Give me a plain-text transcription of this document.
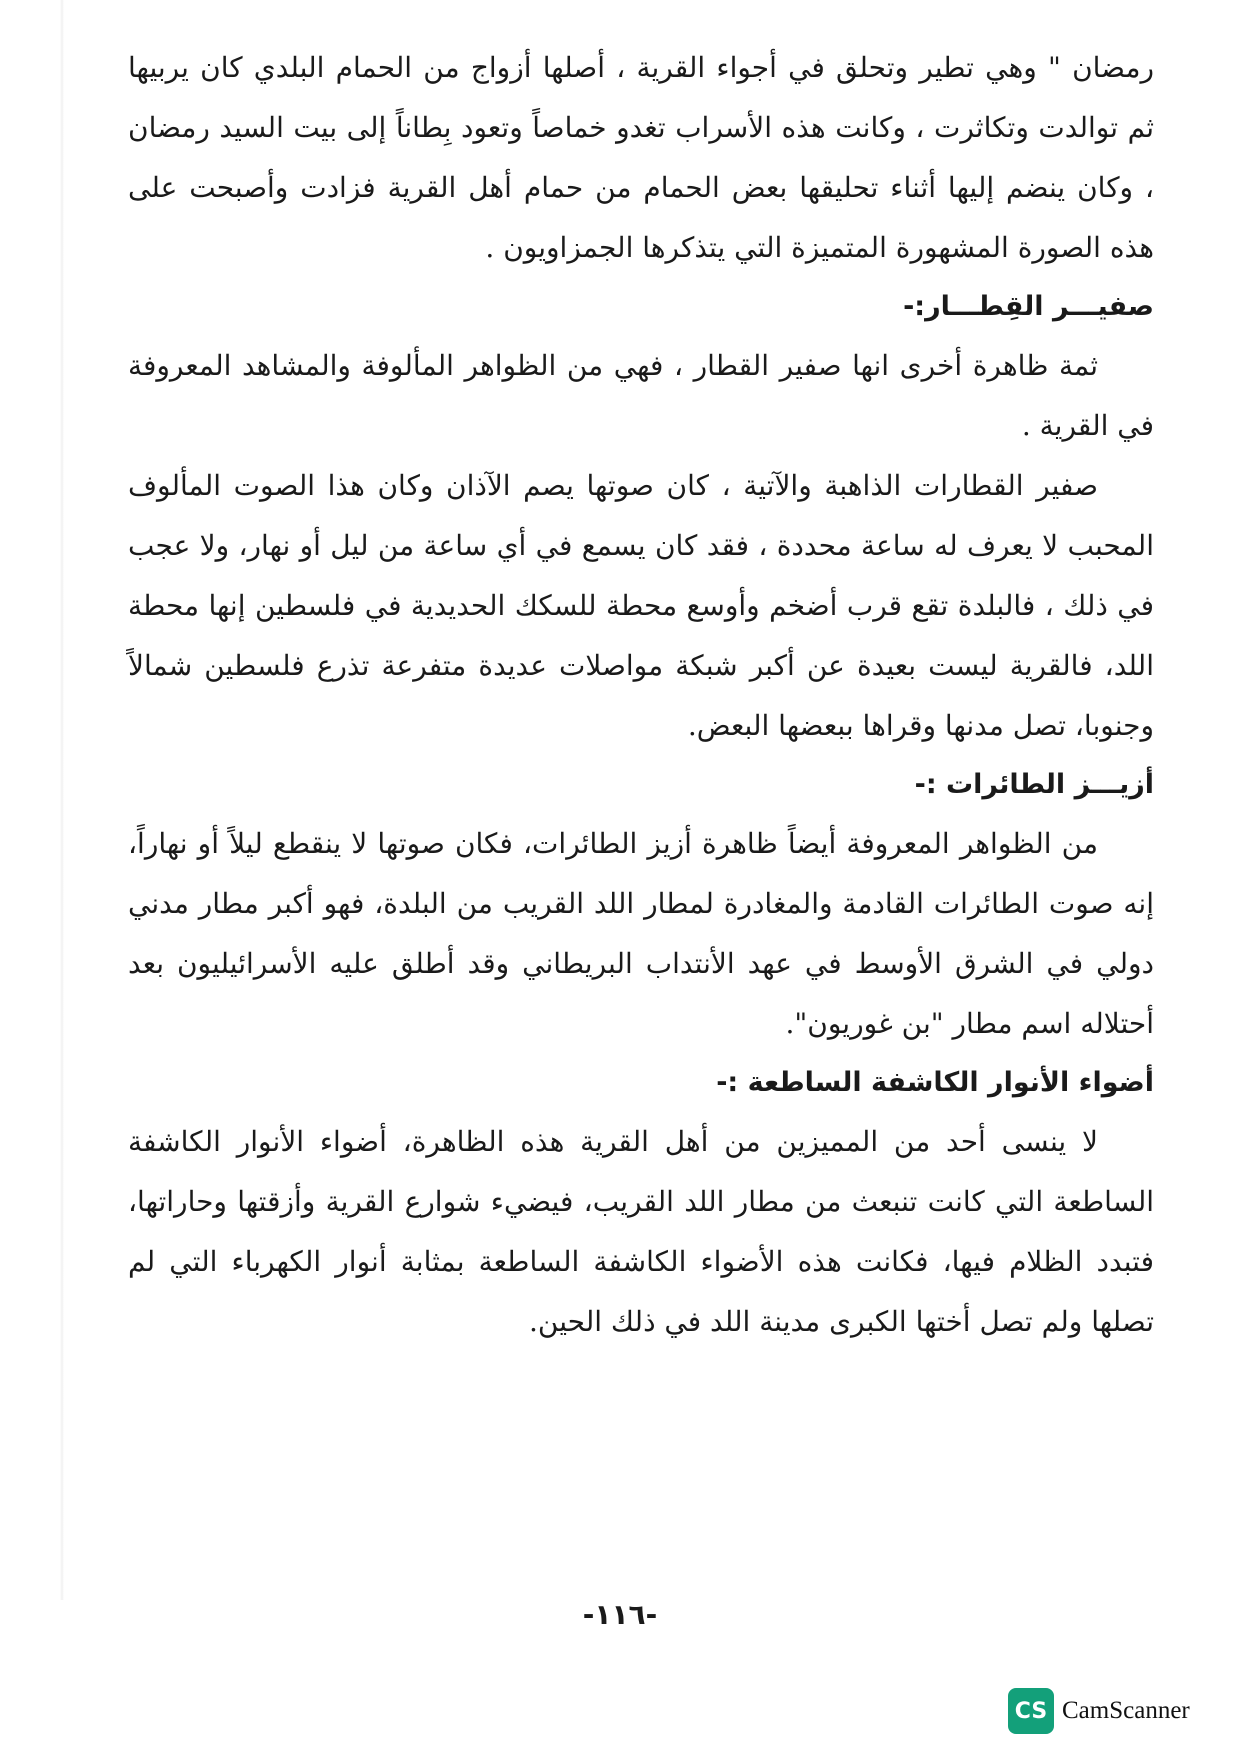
رمضان " وهي تطير وتحلق في أجواء القرية ، أصلها أزواج من الحمام البلدي كان يربيها ثم توالدت وتكاثرت ، وكانت هذه الأسراب تغدو خماصاً وتعود بِطاناً إلى بيت السيد رمضان ، وكان ينضم إليها أثناء تحليقها بعض الحمام من حمام أهل القرية فزادت وأصبحت على هذه الصورة المشهورة المتميزة التي يتذكرها الجمزاويون .

صفيـــر القِطـــار:-

ثمة ظاهرة أخرى انها صفير القطار ، فهي من الظواهر المألوفة والمشاهد المعروفة في القرية .

صفير القطارات الذاهبة والآتية ، كان صوتها يصم الآذان وكان هذا الصوت المألوف المحبب لا يعرف له ساعة محددة ، فقد كان يسمع في أي ساعة من ليل أو نهار، ولا عجب في ذلك ، فالبلدة تقع قرب أضخم وأوسع محطة للسكك الحديدية في فلسطين إنها محطة اللد، فالقرية ليست بعيدة عن أكبر شبكة مواصلات عديدة متفرعة تذرع فلسطين شمالاً وجنوبا، تصل مدنها وقراها ببعضها البعض.

أزيـــز الطائرات :-

من الظواهر المعروفة أيضاً ظاهرة أزيز الطائرات، فكان صوتها لا ينقطع ليلاً أو نهاراً، إنه صوت الطائرات القادمة والمغادرة لمطار اللد القريب من البلدة، فهو أكبر مطار مدني دولي في الشرق الأوسط في عهد الأنتداب البريطاني وقد أطلق عليه الأسرائيليون بعد أحتلاله اسم مطار "بن غوريون".

أضواء الأنوار الكاشفة الساطعة :-

لا ينسى أحد من المميزين من أهل القرية هذه الظاهرة، أضواء الأنوار الكاشفة الساطعة التي كانت تنبعث من مطار اللد القريب، فيضيء شوارع القرية وأزقتها وحاراتها، فتبدد الظلام فيها، فكانت هذه الأضواء الكاشفة الساطعة بمثابة أنوار الكهرباء التي لم تصلها ولم تصل أختها الكبرى مدينة اللد في ذلك الحين.

-١١٦-
CS CamScanner
